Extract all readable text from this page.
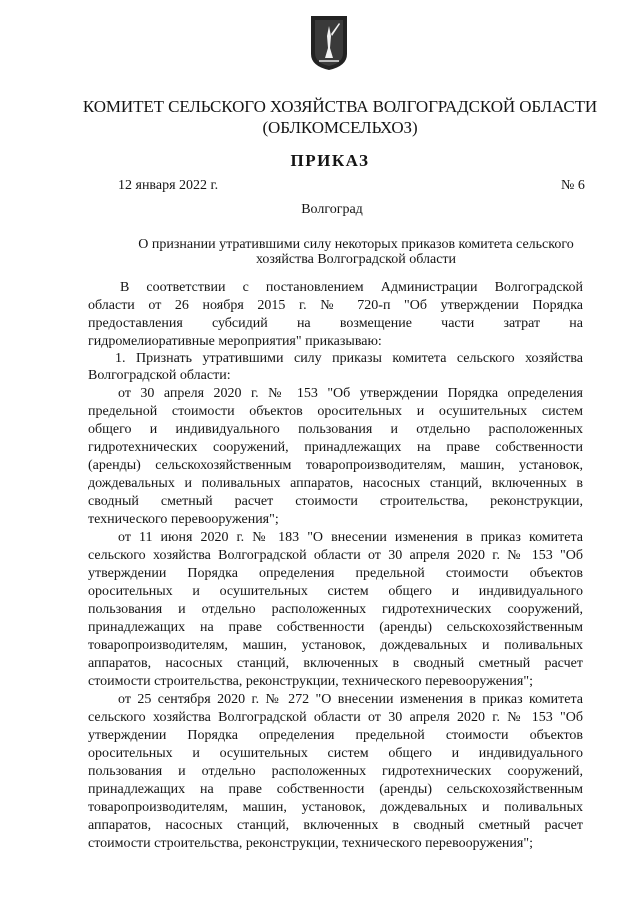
КОМИТЕТ СЕЛЬСКОГО ХОЗЯЙСТВА ВОЛГОГРАДСКОЙ ОБЛАСТИ
(ОБЛКОМСЕЛЬХОЗ)
ПРИКАЗ
12 января 2022 г.	№ 6
Волгоград
О признании утратившими силу некоторых приказов комитета сельского
хозяйства Волгоградской области
В соответствии с постановлением Администрации Волгоградской
области от 26 ноября 2015 г. № 720-п "Об утверждении Порядка
предоставления субсидий на возмещение части затрат на
гидромелиоративные мероприятия" приказываю:
1. Признать утратившими силу приказы комитета сельского хозяйства
Волгоградской области:
от 30 апреля 2020 г. № 153 "Об утверждении Порядка определения
предельной стоимости объектов оросительных и осушительных систем
общего и индивидуального пользования и отдельно расположенных
гидротехнических сооружений, принадлежащих на праве собственности
(аренды) сельскохозяйственным товаропроизводителям, машин, установок,
дождевальных и поливальных аппаратов, насосных станций, включенных в
сводный сметный расчет стоимости строительства, реконструкции,
технического перевооружения";
от 11 июня 2020 г. № 183 "О внесении изменения в приказ комитета
сельского хозяйства Волгоградской области от 30 апреля 2020 г. № 153 "Об
утверждении Порядка определения предельной стоимости объектов
оросительных и осушительных систем общего и индивидуального
пользования и отдельно расположенных гидротехнических сооружений,
принадлежащих на праве собственности (аренды) сельскохозяйственным
товаропроизводителям, машин, установок, дождевальных и поливальных
аппаратов, насосных станций, включенных в сводный сметный расчет
стоимости строительства, реконструкции, технического перевооружения";
от 25 сентября 2020 г. № 272 "О внесении изменения в приказ комитета
сельского хозяйства Волгоградской области от 30 апреля 2020 г. № 153 "Об
утверждении Порядка определения предельной стоимости объектов
оросительных и осушительных систем общего и индивидуального
пользования и отдельно расположенных гидротехнических сооружений,
принадлежащих на праве собственности (аренды) сельскохозяйственным
товаропроизводителям, машин, установок, дождевальных и поливальных
аппаратов, насосных станций, включенных в сводный сметный расчет
стоимости строительства, реконструкции, технического перевооружения";
